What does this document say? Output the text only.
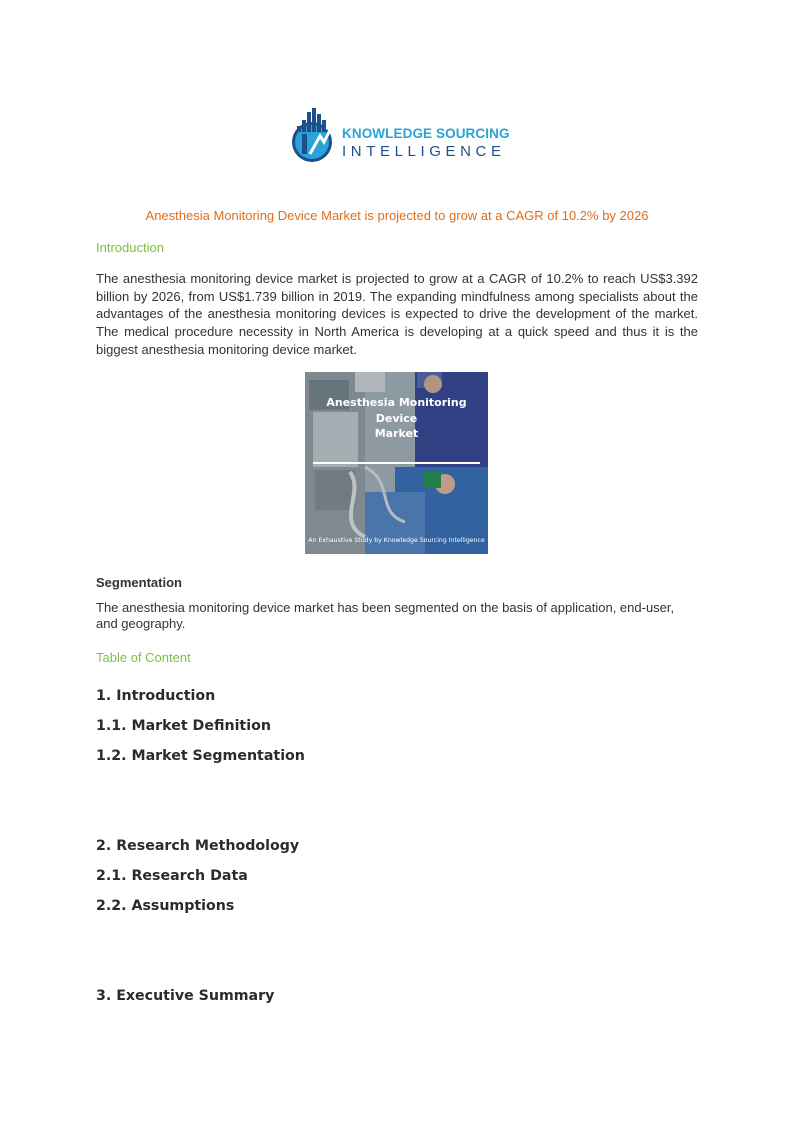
KNOWLEDGE SOURCING
INTELLIGENCE
Anesthesia Monitoring Device Market is projected to grow at a CAGR of 10.2% by 2026
Introduction
The anesthesia monitoring device market is projected to grow at a CAGR of 10.2% to reach US$3.392 billion by 2026, from US$1.739 billion in 2019. The expanding mindfulness among specialists about the advantages of the anesthesia monitoring devices is expected to drive the development of the market. The medical procedure necessity in North America is developing at a quick speed and thus it is the biggest anesthesia monitoring device market.
Anesthesia Monitoring Device
Market
An Exhaustive Study by Knowledge Sourcing Intelligence
Segmentation
The anesthesia monitoring device market has been segmented on the basis of application, end-user, and geography.
Table of Content
1. Introduction
1.1. Market Definition
1.2. Market Segmentation
2. Research Methodology
2.1. Research Data
2.2. Assumptions
3. Executive Summary
